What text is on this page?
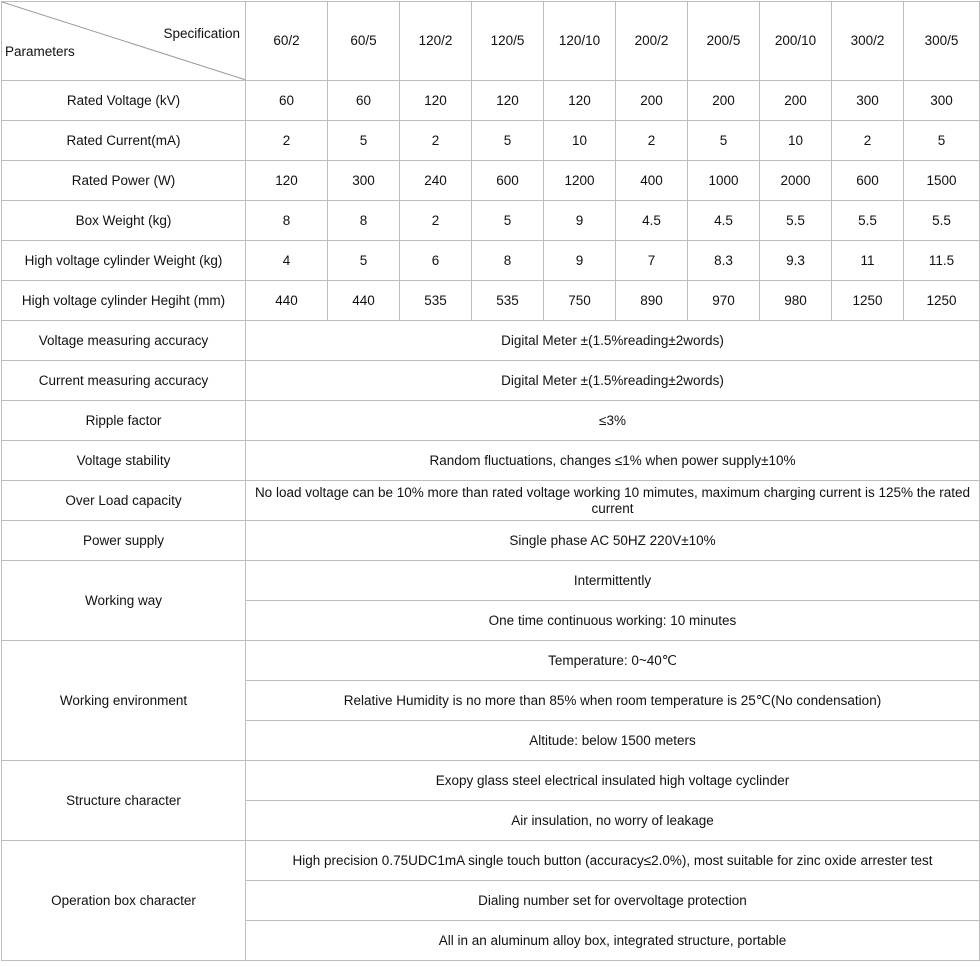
Specification
Parameters	60/2	60/5	120/2	120/5	120/10	200/2	200/5	200/10	300/2	300/5
Rated Voltage (kV)	60	60	120	120	120	200	200	200	300	300
Rated Current(mA)	2	5	2	5	10	2	5	10	2	5
Rated Power (W)	120	300	240	600	1200	400	1000	2000	600	1500
Box Weight (kg)	8	8	2	5	9	4.5	4.5	5.5	5.5	5.5
High voltage cylinder Weight (kg)	4	5	6	8	9	7	8.3	9.3	11	11.5
High voltage cylinder Hegiht (mm)	440	440	535	535	750	890	970	980	1250	1250
Voltage measuring accuracy	Digital Meter ±(1.5%reading±2words)									
Current measuring accuracy	Digital Meter ±(1.5%reading±2words)									
Ripple factor	≤3%									
Voltage stability	Random fluctuations, changes ≤1% when power supply±10%									
Over Load capacity	No load voltage can be 10% more than rated voltage working 10 mimutes, maximum charging current is 125% the rated current									
Power supply	Single phase AC 50HZ 220V±10%									
Working way	Intermittently									
	One time continuous working: 10 minutes									
Working environment	Temperature: 0~40℃									
	Relative Humidity is no more than 85% when room temperature is 25℃(No condensation)									
	Altitude: below 1500 meters									
Structure character	Exopy glass steel electrical insulated high voltage cyclinder									
	Air insulation, no worry of leakage									
Operation box character	High precision 0.75UDC1mA single touch button (accuracy≤2.0%), most suitable for zinc oxide arrester test									
	Dialing number set for overvoltage protection									
	All in an aluminum alloy box, integrated structure, portable									
